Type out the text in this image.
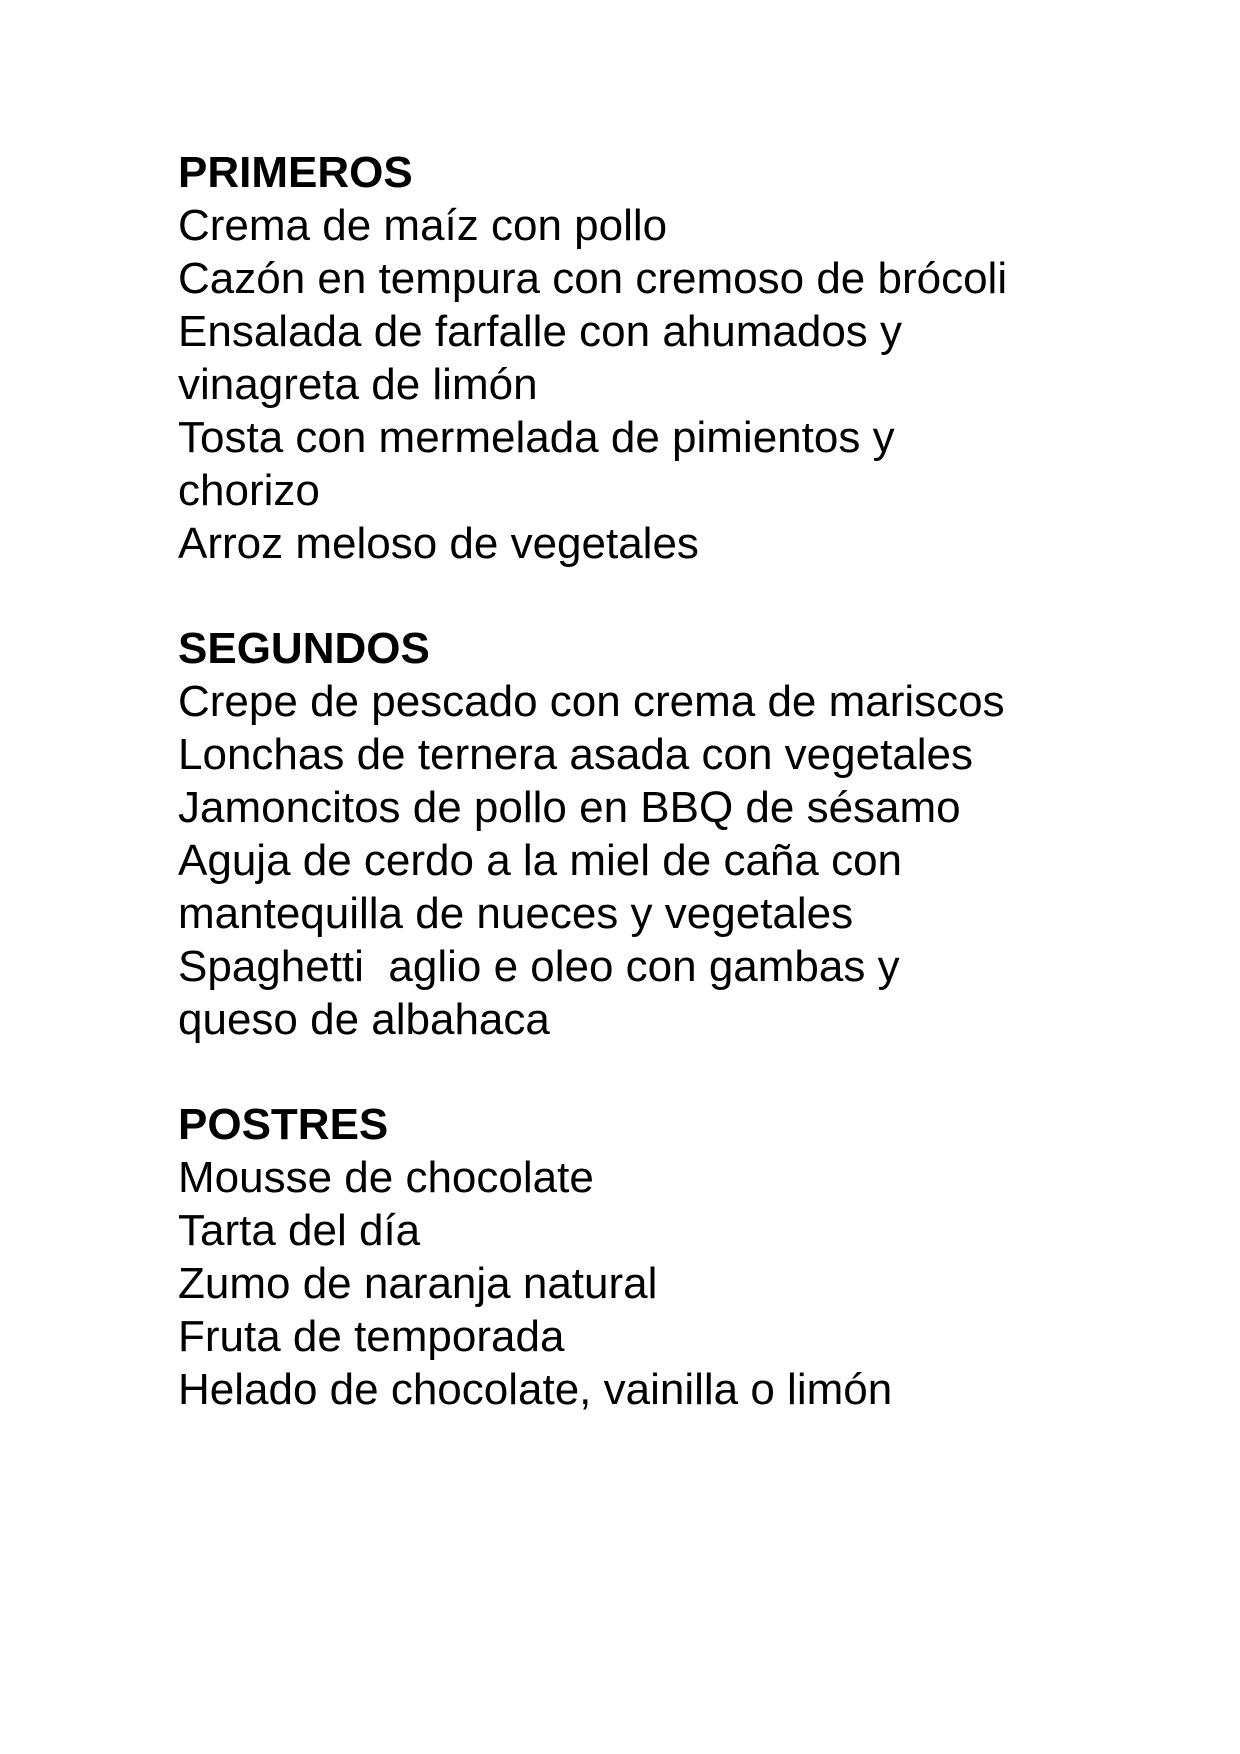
PRIMEROS
Crema de maíz con pollo
Cazón en tempura con cremoso de brócoli
Ensalada de farfalle con ahumados y
vinagreta de limón
Tosta con mermelada de pimientos y
chorizo
Arroz meloso de vegetales
SEGUNDOS
Crepe de pescado con crema de mariscos
Lonchas de ternera asada con vegetales
Jamoncitos de pollo en BBQ de sésamo
Aguja de cerdo a la miel de caña con
mantequilla de nueces y vegetales
Spaghetti  aglio e oleo con gambas y
queso de albahaca
POSTRES
Mousse de chocolate
Tarta del día
Zumo de naranja natural
Fruta de temporada
Helado de chocolate, vainilla o limón
